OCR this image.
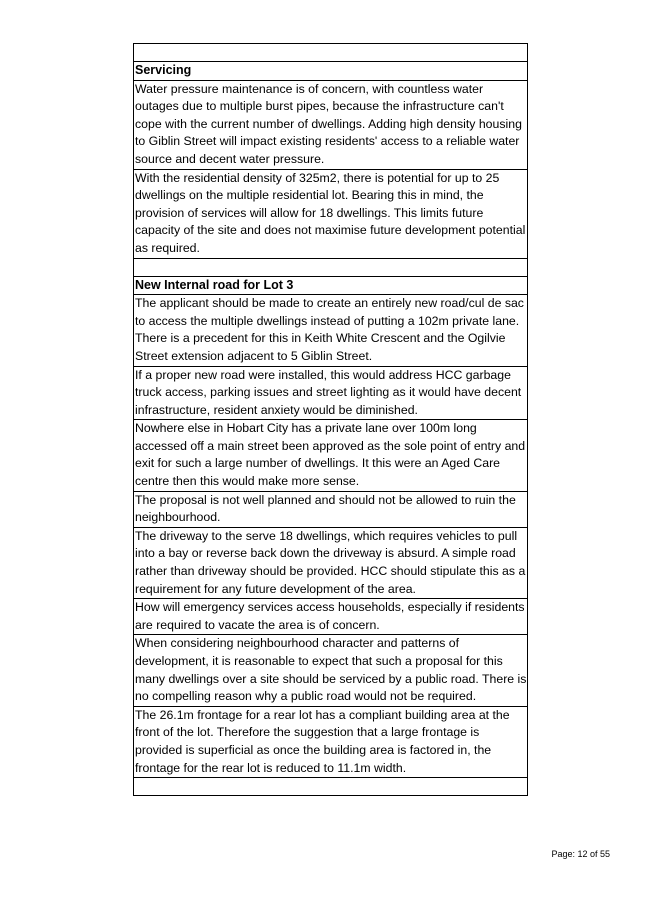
Servicing
Water pressure maintenance is of concern, with countless water outages due to multiple burst pipes, because the infrastructure can't cope with the current number of dwellings. Adding high density housing to Giblin Street will impact existing residents' access to a reliable water source and decent water pressure.
With the residential density of 325m2, there is potential for up to 25 dwellings on the multiple residential lot. Bearing this in mind, the provision of services will allow for 18 dwellings. This limits future capacity of the site and does not maximise future development potential as required.

New Internal road for Lot 3
The applicant should be made to create an entirely new road/cul de sac to access the multiple dwellings instead of putting a 102m private lane. There is a precedent for this in Keith White Crescent and the Ogilvie Street extension adjacent to 5 Giblin Street.
If a proper new road were installed, this would address HCC garbage truck access, parking issues and street lighting as it would have decent infrastructure, resident anxiety would be diminished.
Nowhere else in Hobart City has a private lane over 100m long accessed off a main street been approved as the sole point of entry and exit for such a large number of dwellings. It this were an Aged Care centre then this would make more sense.
The proposal is not well planned and should not be allowed to ruin the neighbourhood.
The driveway to the serve 18 dwellings, which requires vehicles to pull into a bay or reverse back down the driveway is absurd. A simple road rather than driveway should be provided. HCC should stipulate this as a requirement for any future development of the area.
How will emergency services access households, especially if residents are required to vacate the area is of concern.
When considering neighbourhood character and patterns of development, it is reasonable to expect that such a proposal for this many dwellings over a site should be serviced by a public road. There is no compelling reason why a public road would not be required.
The 26.1m frontage for a rear lot has a compliant building area at the front of the lot. Therefore the suggestion that a large frontage is provided is superficial as once the building area is factored in, the frontage for the rear lot is reduced to 11.1m width.

Page: 12 of 55
